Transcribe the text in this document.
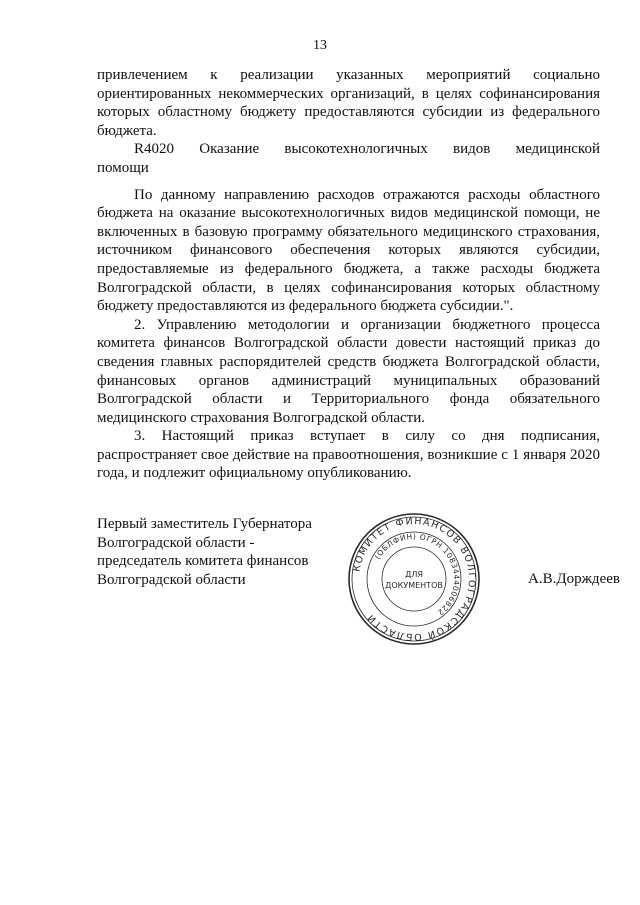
13

привлечением к реализации указанных мероприятий социально ориентированных некоммерческих организаций, в целях софинансирования которых областному бюджету предоставляются субсидии из федерального бюджета.

R4020 Оказание высокотехнологичных видов медицинской

помощи

По данному направлению расходов отражаются расходы областного бюджета на оказание высокотехнологичных видов медицинской помощи, не включенных в базовую программу обязательного медицинского страхования, источником финансового обеспечения которых являются субсидии, предоставляемые из федерального бюджета, а также расходы бюджета Волгоградской области, в целях софинансирования которых областному бюджету предоставляются из федерального бюджета субсидии.".

2. Управлению методологии и организации бюджетного процесса комитета финансов Волгоградской области довести настоящий приказ до сведения главных распорядителей средств бюджета Волгоградской области, финансовых органов администраций муниципальных образований Волгоградской области и Территориального фонда обязательного медицинского страхования Волгоградской области.

3. Настоящий приказ вступает в силу со дня подписания, распространяет свое действие на правоотношения, возникшие с 1 января 2020 года, и подлежит официальному опубликованию.

Первый заместитель Губернатора
Волгоградской области -
председатель комитета финансов
Волгоградской области
КОМИТЕТ ФИНАНСОВ ВОЛГОГРАДСКОЙ ОБЛАСТИ
(ОБЛФИН) ОГРН 1083444006822
ДЛЯ
ДОКУМЕНТОВ	А.В.Дорждеев
